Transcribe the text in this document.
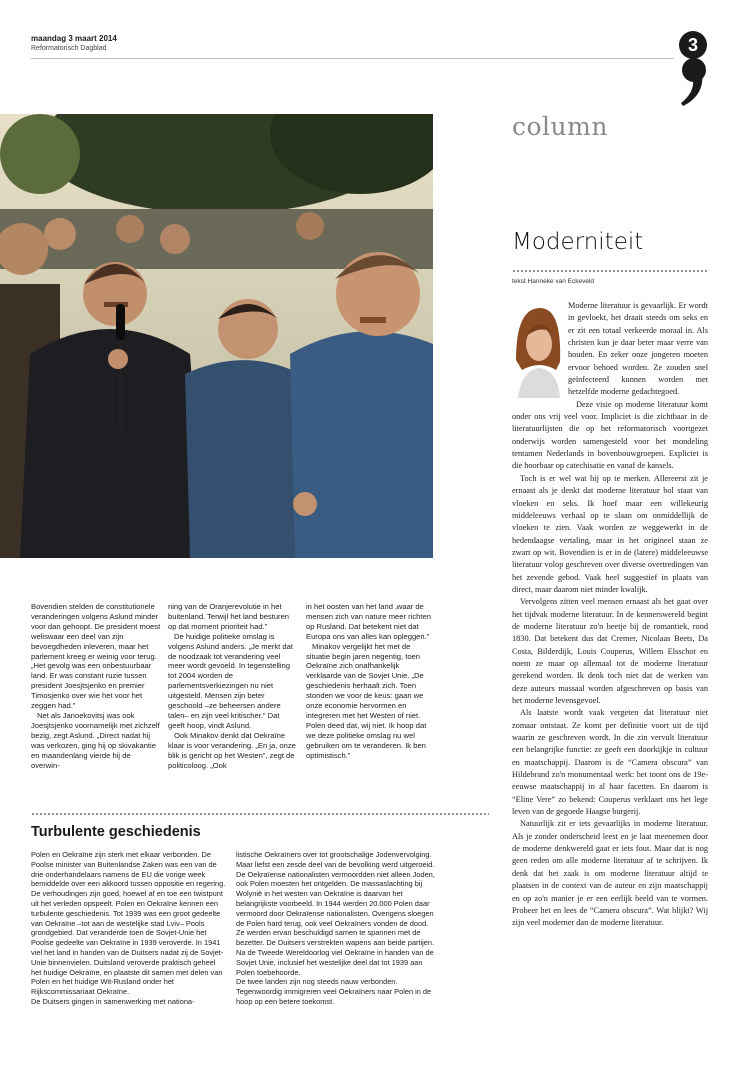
maandag 3 maart 2014
Reformatorisch Dagblad	3

Bovendien stelden de constitutionele veranderingen volgens Aslund minder voor dan gehoopt. De president moest weliswaar een deel van zijn bevoegdheden inleveren, maar het parlement kreeg er weinig voor terug. „Het gevolg was een onbestuurbaar land. Er was constant ruzie tussen president Joesjtsjenko en premier Timosjenko over wie het voor het zeggen had.”

Net als Janoekovitsj was ook Joesjtsjenko voornamelijk met zichzelf bezig, zegt Aslund. „Direct nadat hij was verkozen, ging hij op skivakantie en maandenlang vierde hij de overwin-

ning van de Oranjerevolutie in het buitenland. Terwijl het land besturen op dat moment prioriteit had.”

De huidige politieke omslag is volgens Aslund anders. „Je merkt dat de noodzaak tot verandering veel meer wordt gevoeld. In tegenstelling tot 2004 worden de parlementsverkiezingen nu niet uitgesteld. Mensen zijn beter geschoold –ze beheersen andere talen– en zijn veel kritischer.” Dat geeft hoop, vindt Aslund.

Ook Minakov denkt dat Oekraïne klaar is voor verandering. „En ja, onze blik is gericht op het Westen”, zegt de politicoloog. „Ook

in het oosten van het land ‚waar de mensen zich van nature meer richten op Rusland. Dat betekent niet dat Europa ons van alles kan opleggen.”

Minakov vergelijkt het met de situatie begin jaren negentig, toen Oekraïne zich onafhankelijk verklaarde van de Sovjet Unie. „De geschiedenis herhaalt zich. Toen stonden we voor de keus: gaan we onze economie hervormen en integreren met het Westen of niet. Polen deed dat, wij niet. Ik hoop dat we deze politieke omslag nu wel gebruiken om te veranderen. Ik ben optimistisch.”

Turbulente geschiedenis
Polen en Oekraïne zijn sterk met elkaar verbonden. De Poolse minister van Buitenlandse Zaken was een van de drie onderhandelaars namens de EU die vorige week bemiddelde over een akkoord tussen oppositie en regering. De verhoudingen zijn goed, hoewel af en toe een twistpunt uit het verleden opspeelt. Polen en Oekraïne kennen een turbulente geschiedenis. Tot 1939 was een groot gedeelte van Oekraïne –tot aan de westelijke stad Lviv– Pools grondgebied. Dat veranderde toen de Sovjet-Unie het Poolse gedeelte van Oekraïne in 1939 veroverde. In 1941 viel het land in handen van de Duitsers nadat zij de Sovjet-Unie binnenvielen. Duitsland veroverde praktisch geheel het huidige Oekraïne, en plaatste dit samen met delen van Polen en het huidige Wit-Rusland onder het Rijkscommissariaat Oekraïne.
De Duitsers gingen in samenwerking met nationa-
listische Oekraïners over tot grootschalige Jodenvervolging. Maar liefst een zesde deel van de bevolking werd uitgeroeid.
De Oekraïense nationalisten vermoordden niet alleen Joden, ook Polen moesten het ontgelden. De massaslachting bij Wolynië in het westen van Oekraïne is daarvan het belangrijkste voorbeeld. In 1944 werden 20.000 Polen daar vermoord door Oekraïense nationalisten. Overigens sloegen de Polen hard terug, ook veel Oekraïners vonden de dood. Ze werden ervan beschuldigd samen te spannen met de bezetter. De Duitsers verstrekten wapens aan beide partijen.
Na de Tweede Wereldoorlog viel Oekraïne in handen van de Sovjet Unie, inclusief het westelijke deel dat tot 1939 aan Polen toebehoorde.
De twee landen zijn nog steeds nauw verbonden. Tegenwoordig immigreren veel Oekraïners naar Polen in de hoop op een betere toekomst.
column
Moderniteit
tekst Hanneke van Eckeveld

Moderne literatuur is gevaarlijk. Er wordt in gevloekt, het draait steeds om seks en er zit een totaal verkeerde moraal in. Als christen kun je daar beter maar verre van houden. En zeker onze jongeren moeten ervoor behoed worden. Ze zouden snel geïnfecteerd kunnen worden met hetzelfde moderne gedachtegoed.

Deze visie op moderne literatuur komt onder ons vrij veel voor. Impliciet is die zichtbaar in de literatuurlijsten die op het reformatorisch voortgezet onderwijs worden samengesteld voor het mondeling tentamen Nederlands in bovenbouwgroepen. Expliciet is die hoorbaar op catechisatie en vanaf de kansels.

Toch is er wel wat bij op te merken. Allereerst zit je ernaast als je denkt dat moderne literatuur bol staat van vloeken en seks. Ik hoef maar een willekeurig middeleeuws verhaal op te slaan om onmiddellijk de vloeken te zien. Vaak worden ze weggewerkt in de hedendaagse vertaling, maar in het origineel staan ze zwart op wit. Bovendien is er in de (latere) middeleeuwse literatuur volop geschreven over diverse overtredingen van het zevende gebod. Vaak heel suggestief in plaats van direct, maar daarom niet minder kwalijk.

Vervolgens zitten veel mensen ernaast als het gaat over het tijdvak moderne literatuur. In de kennerswereld begint de moderne literatuur zo'n beetje bij de romantiek, rond 1830. Dat betekent dus dat Cremer, Nicolaas Beets, Da Costa, Bilderdijk, Louis Couperus, Willem Elsschot en noem ze maar op allemaal tot de moderne literatuur gerekend worden. Ik denk toch niet dat de werken van deze auteurs massaal worden afgeschreven op basis van het moderne levensgevoel.

Als laatste wordt vaak vergeten dat literatuur niet zomaar ontstaat. Ze komt per definitie voort uit de tijd waarin ze geschreven wordt. In die zin vervult literatuur een belangrijke functie: ze geeft een doorkijkje in cultuur en maatschappij. Daarom is de “Camera obscura” van Hildebrand zo'n monumentaal werk: het toont ons de 19e-eeuwse maatschappij in al haar facetten. En daarom is “Eline Vere” zo bekend: Couperus verklaart ons het lege leven van de gegoede Haagse burgerij.

Natuurlijk zit er iets gevaarlijks in moderne literatuur. Als je zonder onderscheid leest en je laat meenemen door de moderne denkwereld gaat er iets fout. Maar dat is nog geen reden om alle moderne literatuur af te schrijven. Ik denk dat het zaak is om moderne literatuur altijd te plaatsen in de context van de auteur en zijn maatschappij en op zo'n manier je er een eerlijk beeld van te vormen. Probeer het en lees de “Camera obscura”. Wat blijkt? Wij zijn veel moderner dan de moderne literatuur.
